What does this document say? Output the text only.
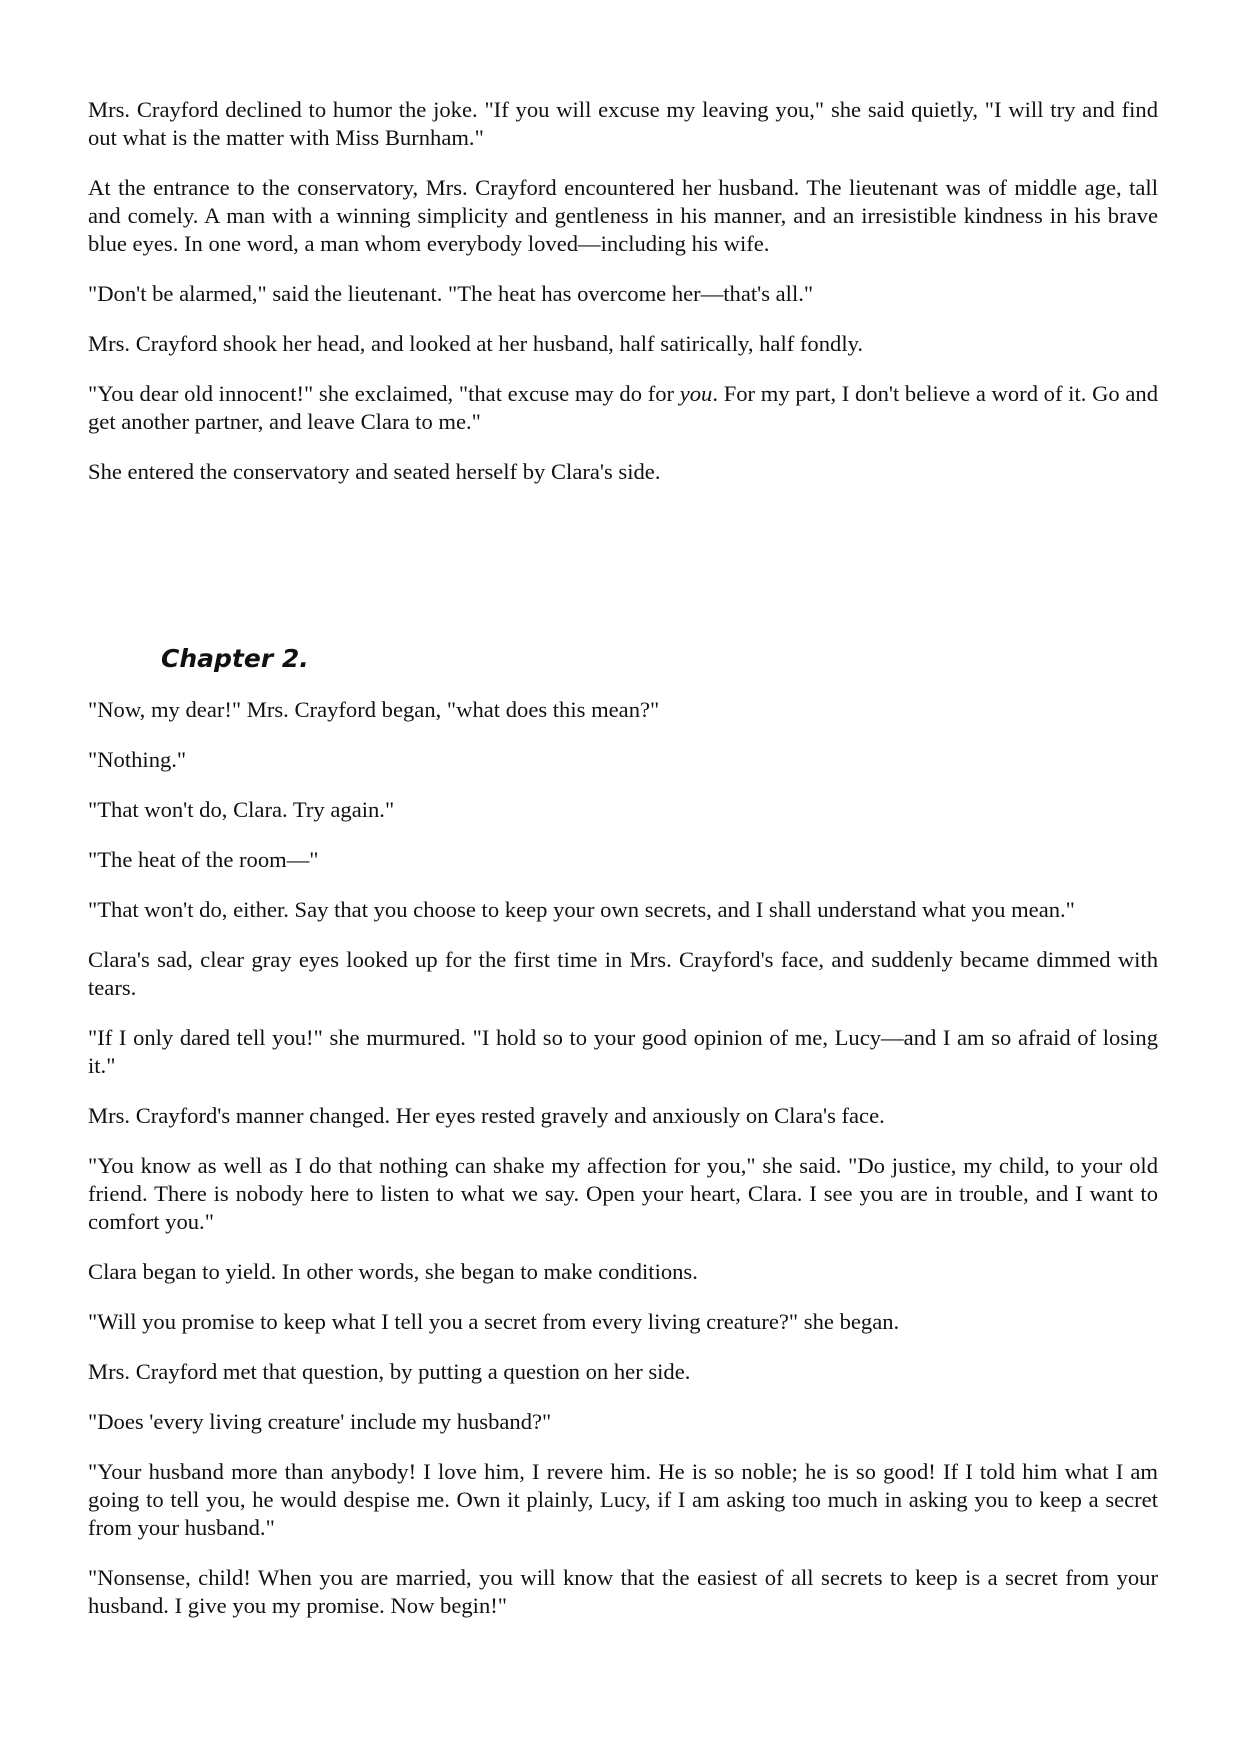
Mrs. Crayford declined to humor the joke. "If you will excuse my leaving you," she said quietly, "I will try and find out what is the matter with Miss Burnham."

At the entrance to the conservatory, Mrs. Crayford encountered her husband. The lieutenant was of middle age, tall and comely. A man with a winning simplicity and gentleness in his manner, and an irresistible kindness in his brave blue eyes. In one word, a man whom everybody loved—including his wife.

"Don't be alarmed," said the lieutenant. "The heat has overcome her—that's all."

Mrs. Crayford shook her head, and looked at her husband, half satirically, half fondly.

"You dear old innocent!" she exclaimed, "that excuse may do for you. For my part, I don't believe a word of it. Go and get another partner, and leave Clara to me."

She entered the conservatory and seated herself by Clara's side.

Chapter 2.

"Now, my dear!" Mrs. Crayford began, "what does this mean?"

"Nothing."

"That won't do, Clara. Try again."

"The heat of the room—"

"That won't do, either. Say that you choose to keep your own secrets, and I shall understand what you mean."

Clara's sad, clear gray eyes looked up for the first time in Mrs. Crayford's face, and suddenly became dimmed with tears.

"If I only dared tell you!" she murmured. "I hold so to your good opinion of me, Lucy—and I am so afraid of losing it."

Mrs. Crayford's manner changed. Her eyes rested gravely and anxiously on Clara's face.

"You know as well as I do that nothing can shake my affection for you," she said. "Do justice, my child, to your old friend. There is nobody here to listen to what we say. Open your heart, Clara. I see you are in trouble, and I want to comfort you."

Clara began to yield. In other words, she began to make conditions.

"Will you promise to keep what I tell you a secret from every living creature?" she began.

Mrs. Crayford met that question, by putting a question on her side.

"Does 'every living creature' include my husband?"

"Your husband more than anybody! I love him, I revere him. He is so noble; he is so good! If I told him what I am going to tell you, he would despise me. Own it plainly, Lucy, if I am asking too much in asking you to keep a secret from your husband."

"Nonsense, child! When you are married, you will know that the easiest of all secrets to keep is a secret from your husband. I give you my promise. Now begin!"
